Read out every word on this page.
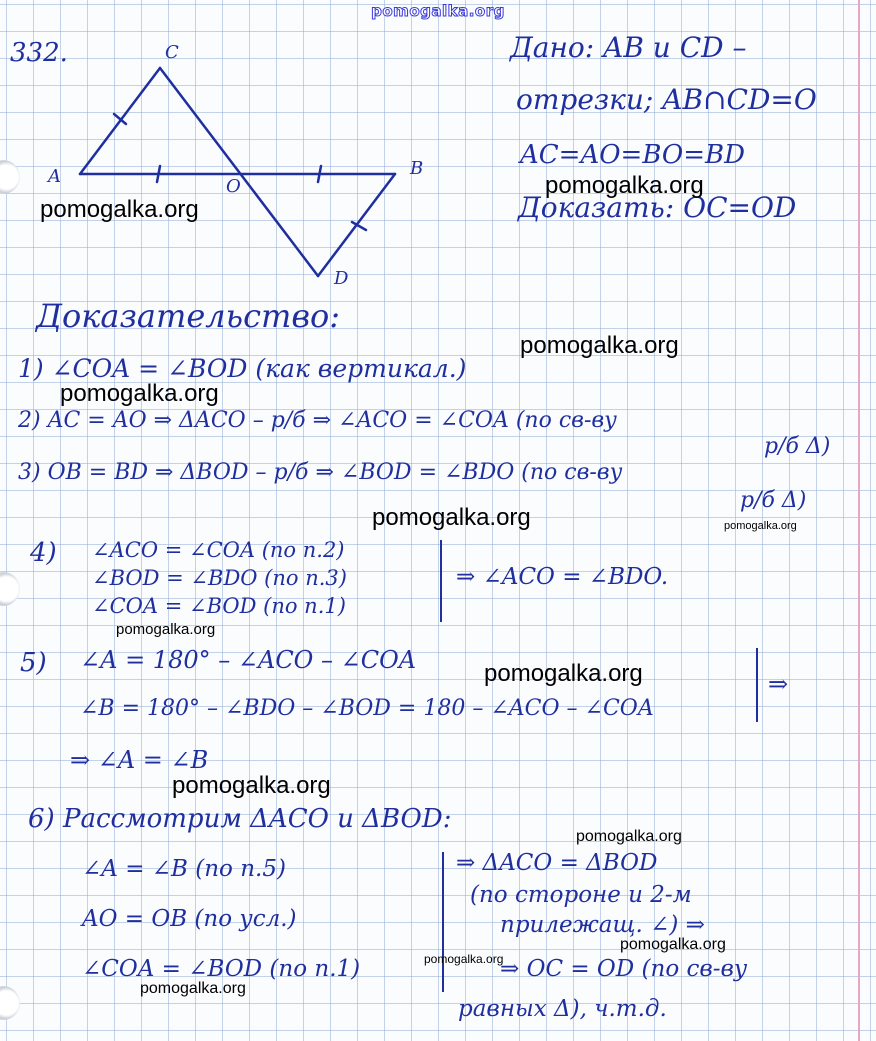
pomogalka.org
C
A	O
B
D
332.	Дано: AB и CD –
отрезки; AB∩CD=O
AC=AO=BO=BD
Доказать: OC=OD
Доказательство:
1) ∠COA = ∠BOD (как вертикал.)
2) AC = AO ⇒ ΔACO – р/б ⇒ ∠ACO = ∠COA (по св-ву
р/б Δ)
3) OB = BD ⇒ ΔBOD – р/б ⇒ ∠BOD = ∠BDO (по св-ву
р/б Δ)
4) ∠ACO = ∠COA (по п.2)
∠BOD = ∠BDO (по п.3)
∠COA = ∠BOD (по п.1)
⇒ ∠ACO = ∠BDO.
5) ∠A = 180° – ∠ACO – ∠COA
∠B = 180° – ∠BDO – ∠BOD = 180 – ∠ACO – ∠COA
⇒
⇒ ∠A = ∠B
6) Рассмотрим ΔACO и ΔBOD:
∠A = ∠B (по п.5)
AO = OB (по усл.)
∠COA = ∠BOD (по п.1)
⇒ ΔACO = ΔBOD
(по стороне и 2-м
прилежащ. ∠) ⇒
⇒ OC = OD (по св-ву
равных Δ), ч.т.д.
pomogalka.org
pomogalka.org
pomogalka.org
pomogalka.org
pomogalka.org	pomogalka.org
pomogalka.org
pomogalka.org
pomogalka.org
pomogalka.org
pomogalka.org
pomogalka.org
pomogalka.org
